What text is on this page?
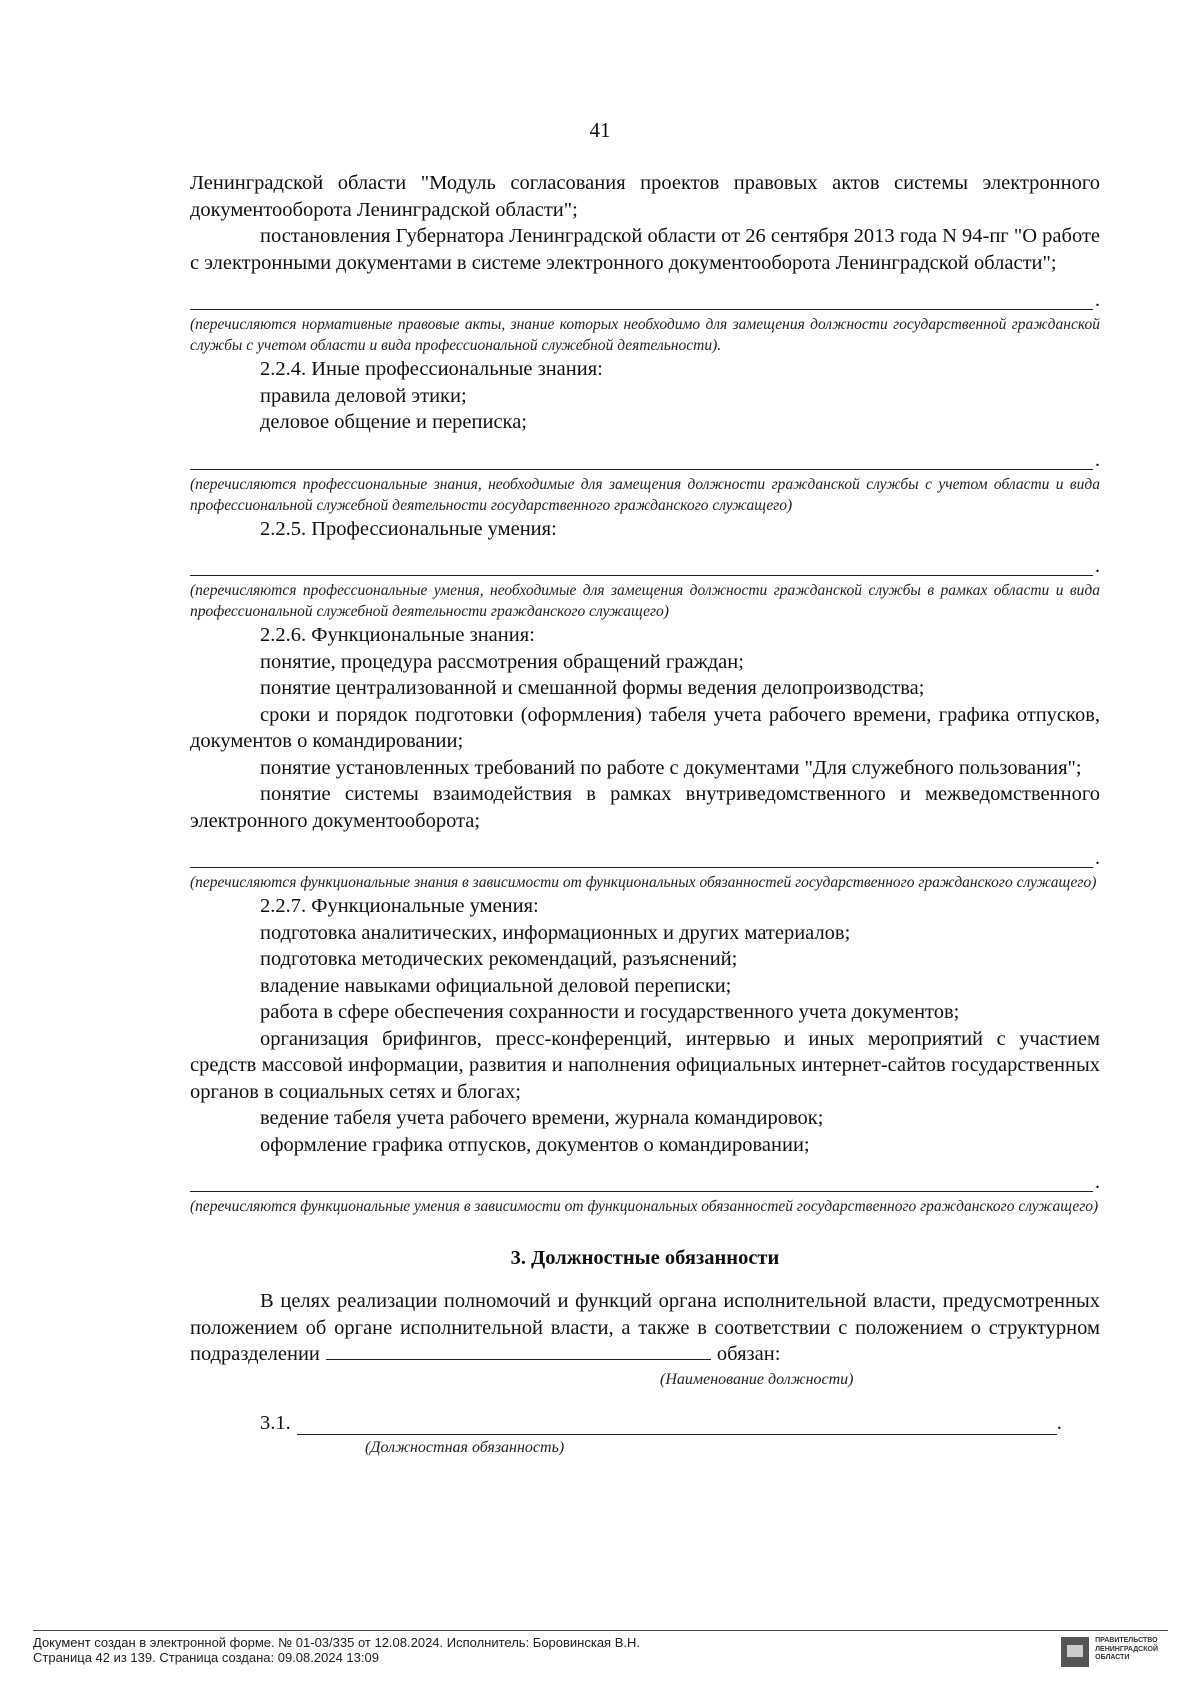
41

Ленинградской области "Модуль согласования проектов правовых актов системы электронного документооборота Ленинградской области";

постановления Губернатора Ленинградской области от 26 сентября 2013 года N 94-пг "О работе с электронными документами в системе электронного документооборота Ленинградской области";

.

(перечисляются нормативные правовые акты, знание которых необходимо для замещения должности государственной гражданской службы с учетом области и вида профессиональной служебной деятельности).

2.2.4. Иные профессиональные знания:

правила деловой этики;

деловое общение и переписка;

.

(перечисляются профессиональные знания, необходимые для замещения должности гражданской службы с учетом области и вида профессиональной служебной деятельности государственного гражданского служащего)

2.2.5. Профессиональные умения:

.

(перечисляются профессиональные умения, необходимые для замещения должности гражданской службы в рамках области и вида профессиональной служебной деятельности гражданского служащего)

2.2.6. Функциональные знания:

понятие, процедура рассмотрения обращений граждан;

понятие централизованной и смешанной формы ведения делопроизводства;

сроки и порядок подготовки (оформления) табеля учета рабочего времени, графика отпусков, документов о командировании;

понятие установленных требований по работе с документами "Для служебного пользования";

понятие системы взаимодействия в рамках внутриведомственного и межведомственного электронного документооборота;

.

(перечисляются функциональные знания в зависимости от функциональных обязанностей государственного гражданского служащего)

2.2.7. Функциональные умения:

подготовка аналитических, информационных и других материалов;

подготовка методических рекомендаций, разъяснений;

владение навыками официальной деловой переписки;

работа в сфере обеспечения сохранности и государственного учета документов;

организация брифингов, пресс-конференций, интервью и иных мероприятий с участием средств массовой информации, развития и наполнения официальных интернет-сайтов государственных органов в социальных сетях и блогах;

ведение табеля учета рабочего времени, журнала командировок;

оформление графика отпусков, документов о командировании;

.

(перечисляются функциональные умения в зависимости от функциональных обязанностей государственного гражданского служащего)

3. Должностные обязанности

В целях реализации полномочий и функций органа исполнительной власти, предусмотренных положением об органе исполнительной власти, а также в соответствии с положением о структурном подразделении	обязан:

(Наименование должности)

3.1.	.

(Должностная обязанность)

Документ создан в электронной форме. № 01-03/335 от 12.08.2024. Исполнитель: Боровинская В.Н.
Страница 42 из 139. Страница создана: 09.08.2024 13:09
ПРАВИТЕЛЬСТВО
ЛЕНИНГРАДСКОЙ
ОБЛАСТИ
